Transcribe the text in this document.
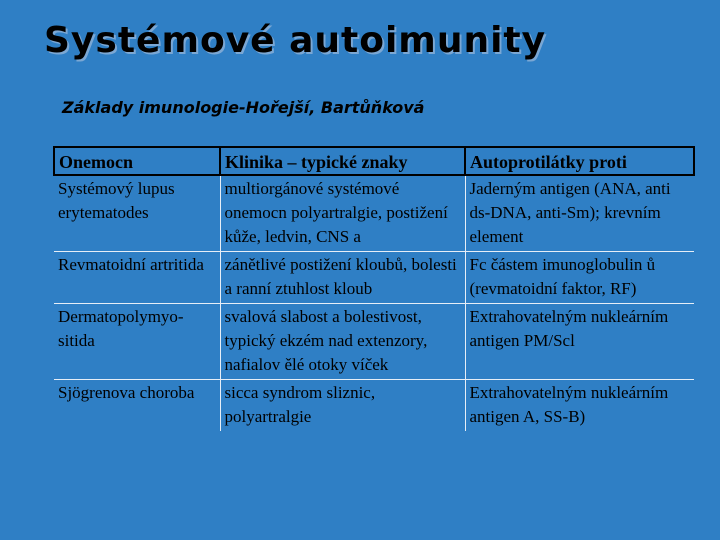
Systémové autoimunity
Základy imunologie-Hořejší, Bartůňková
Onemocn	Klinika – typické znaky	Autoprotilátky proti
Systémový lupus erytematodes	multiorgánové systémové onemocn polyartralgie, postižení kůže, ledvin, CNS a	Jaderným antigen (ANA, anti ds-DNA, anti-Sm); krevním element
Revmatoidní artritida	zánětlivé postižení kloubů, bolesti a ranní ztuhlost kloub	Fc částem imunoglobulin ů (revmatoidní faktor, RF)
Dermatopolymyo-sitida	svalová slabost a bolestivost, typický ekzém nad extenzory, nafialov ělé otoky víček	Extrahovatelným nukleárním antigen PM/Scl
Sjögrenova choroba	sicca syndrom sliznic, polyartralgie	Extrahovatelným nukleárním antigen A, SS-B)
